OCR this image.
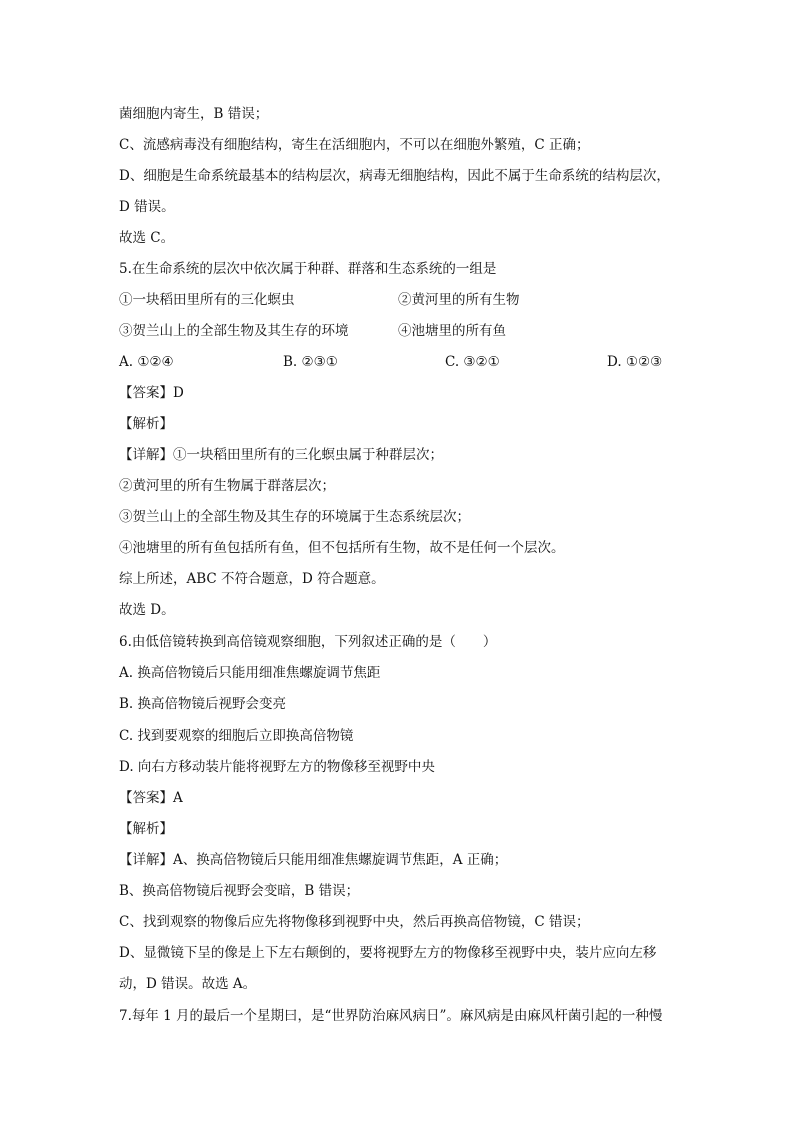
菌细胞内寄生，B 错误；
C、流感病毒没有细胞结构，寄生在活细胞内，不可以在细胞外繁殖，C 正确；
D、细胞是生命系统最基本的结构层次，病毒无细胞结构，因此不属于生命系统的结构层次，
D 错误。
故选 C。
5.在生命系统的层次中依次属于种群、群落和生态系统的一组是
①一块稻田里所有的三化螟虫	②黄河里的所有生物
③贺兰山上的全部生物及其生存的环境	④池塘里的所有鱼
A. ①②④	B. ②③①	C. ③②①	D. ①②③
【答案】D
【解析】
【详解】①一块稻田里所有的三化螟虫属于种群层次；
②黄河里的所有生物属于群落层次；
③贺兰山上的全部生物及其生存的环境属于生态系统层次；
④池塘里的所有鱼包括所有鱼，但不包括所有生物，故不是任何一个层次。
综上所述，ABC 不符合题意，D 符合题意。
故选 D。
6.由低倍镜转换到高倍镜观察细胞，下列叙述正确的是（　　）
A. 换高倍物镜后只能用细准焦螺旋调节焦距
B. 换高倍物镜后视野会变亮
C. 找到要观察的细胞后立即换高倍物镜
D. 向右方移动装片能将视野左方的物像移至视野中央
【答案】A
【解析】
【详解】A、换高倍物镜后只能用细准焦螺旋调节焦距，A 正确；
B、换高倍物镜后视野会变暗，B 错误；
C、找到观察的物像后应先将物像移到视野中央，然后再换高倍物镜，C 错误；
D、显微镜下呈的像是上下左右颠倒的，要将视野左方的物像移至视野中央，装片应向左移
动，D 错误。故选 A。
7.每年 1 月的最后一个星期曰，是“世界防治麻风病日”。麻风病是由麻风杆菌引起的一种慢
